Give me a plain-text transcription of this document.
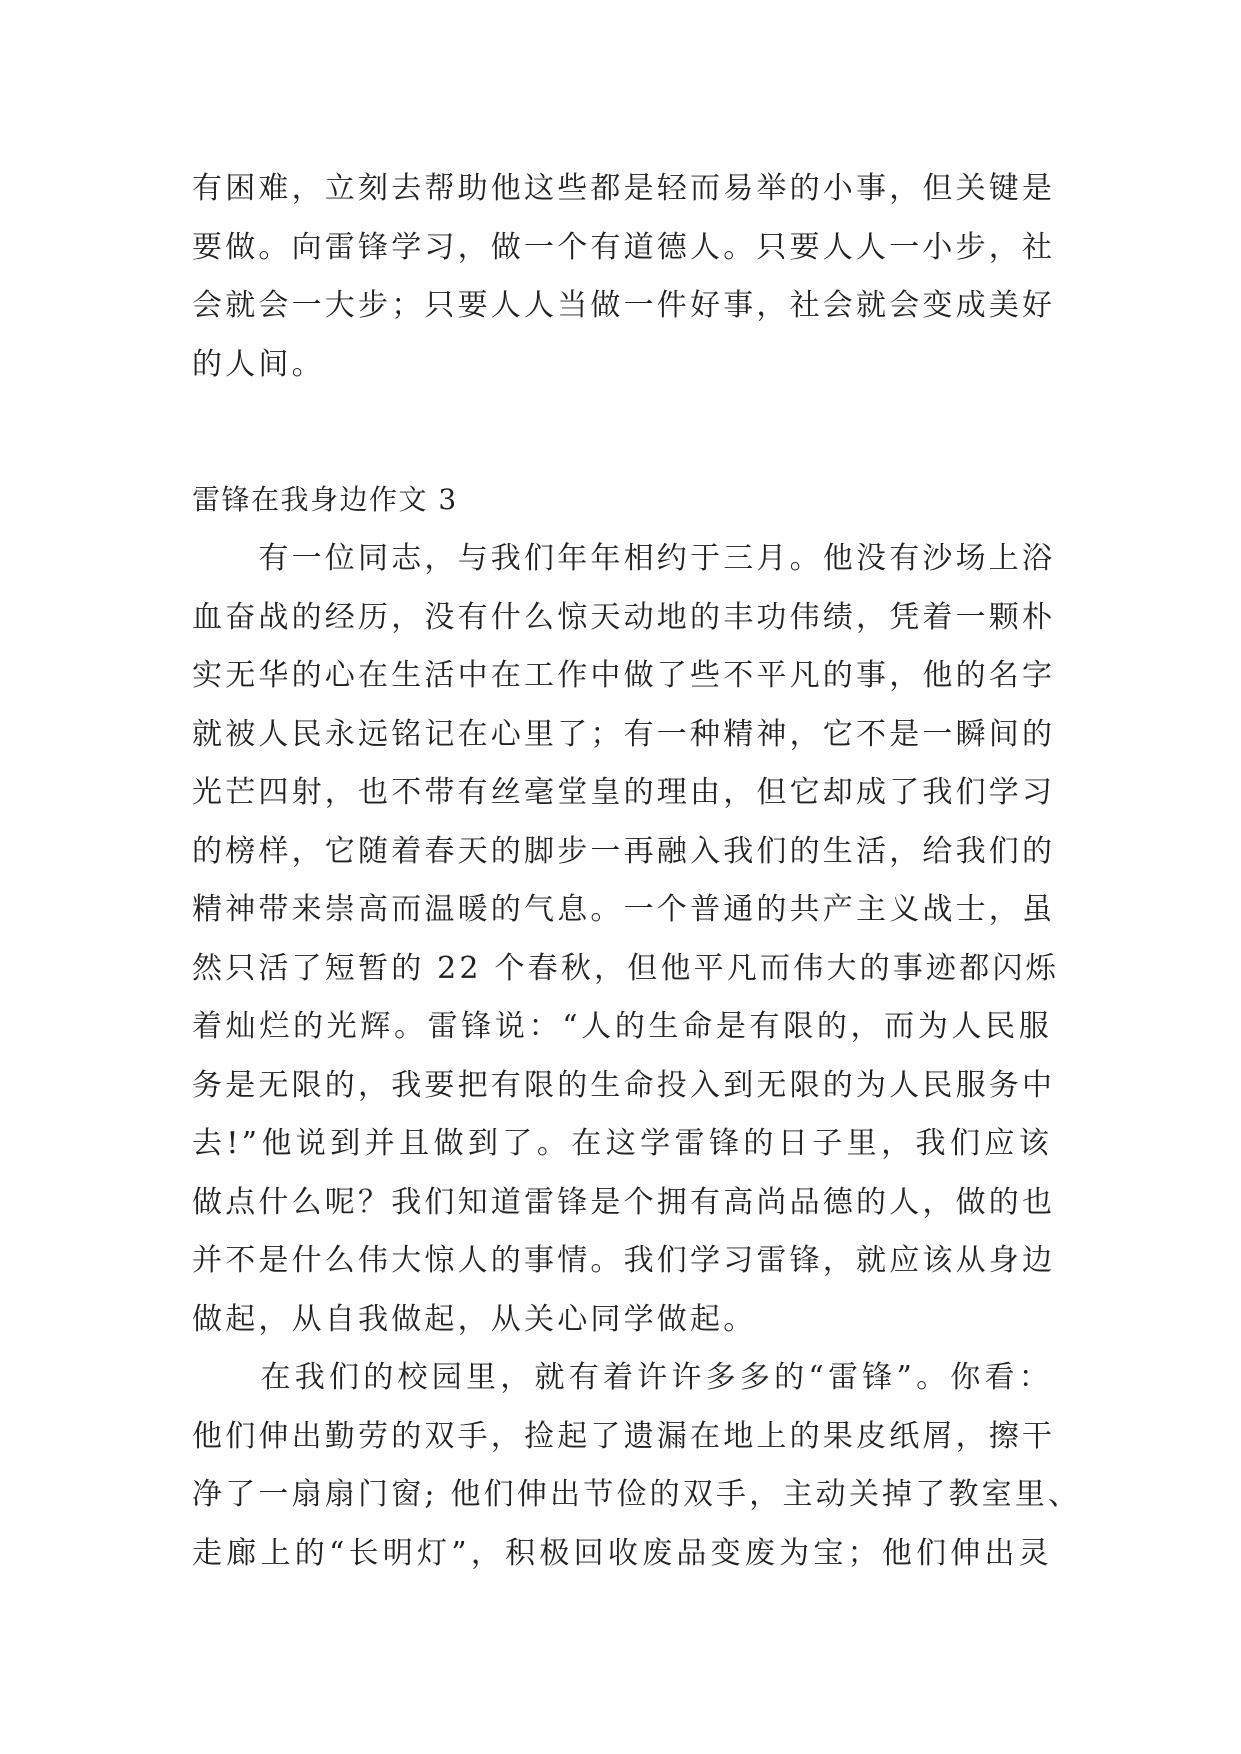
有困难，立刻去帮助他这些都是轻而易举的小事，但关键是
要做。向雷锋学习，做一个有道德人。只要人人一小步，社
会就会一大步；只要人人当做一件好事，社会就会变成美好
的人间。
雷锋在我身边作文 3
　　有一位同志，与我们年年相约于三月。他没有沙场上浴
血奋战的经历，没有什么惊天动地的丰功伟绩，凭着一颗朴
实无华的心在生活中在工作中做了些不平凡的事，他的名字
就被人民永远铭记在心里了；有一种精神，它不是一瞬间的
光芒四射，也不带有丝毫堂皇的理由，但它却成了我们学习
的榜样，它随着春天的脚步一再融入我们的生活，给我们的
精神带来崇高而温暖的气息。一个普通的共产主义战士，虽
然只活了短暂的 22 个春秋，但他平凡而伟大的事迹都闪烁
着灿烂的光辉。雷锋说：“人的生命是有限的，而为人民服
务是无限的，我要把有限的生命投入到无限的为人民服务中
去!”他说到并且做到了。在这学雷锋的日子里，我们应该
做点什么呢？我们知道雷锋是个拥有高尚品德的人，做的也
并不是什么伟大惊人的事情。我们学习雷锋，就应该从身边
做起，从自我做起，从关心同学做起。
　　在我们的校园里，就有着许许多多的“雷锋”。你看：
他们伸出勤劳的双手，捡起了遗漏在地上的果皮纸屑，擦干
净了一扇扇门窗; 他们伸出节俭的双手，主动关掉了教室里、
走廊上的“长明灯”，积极回收废品变废为宝；他们伸出灵
